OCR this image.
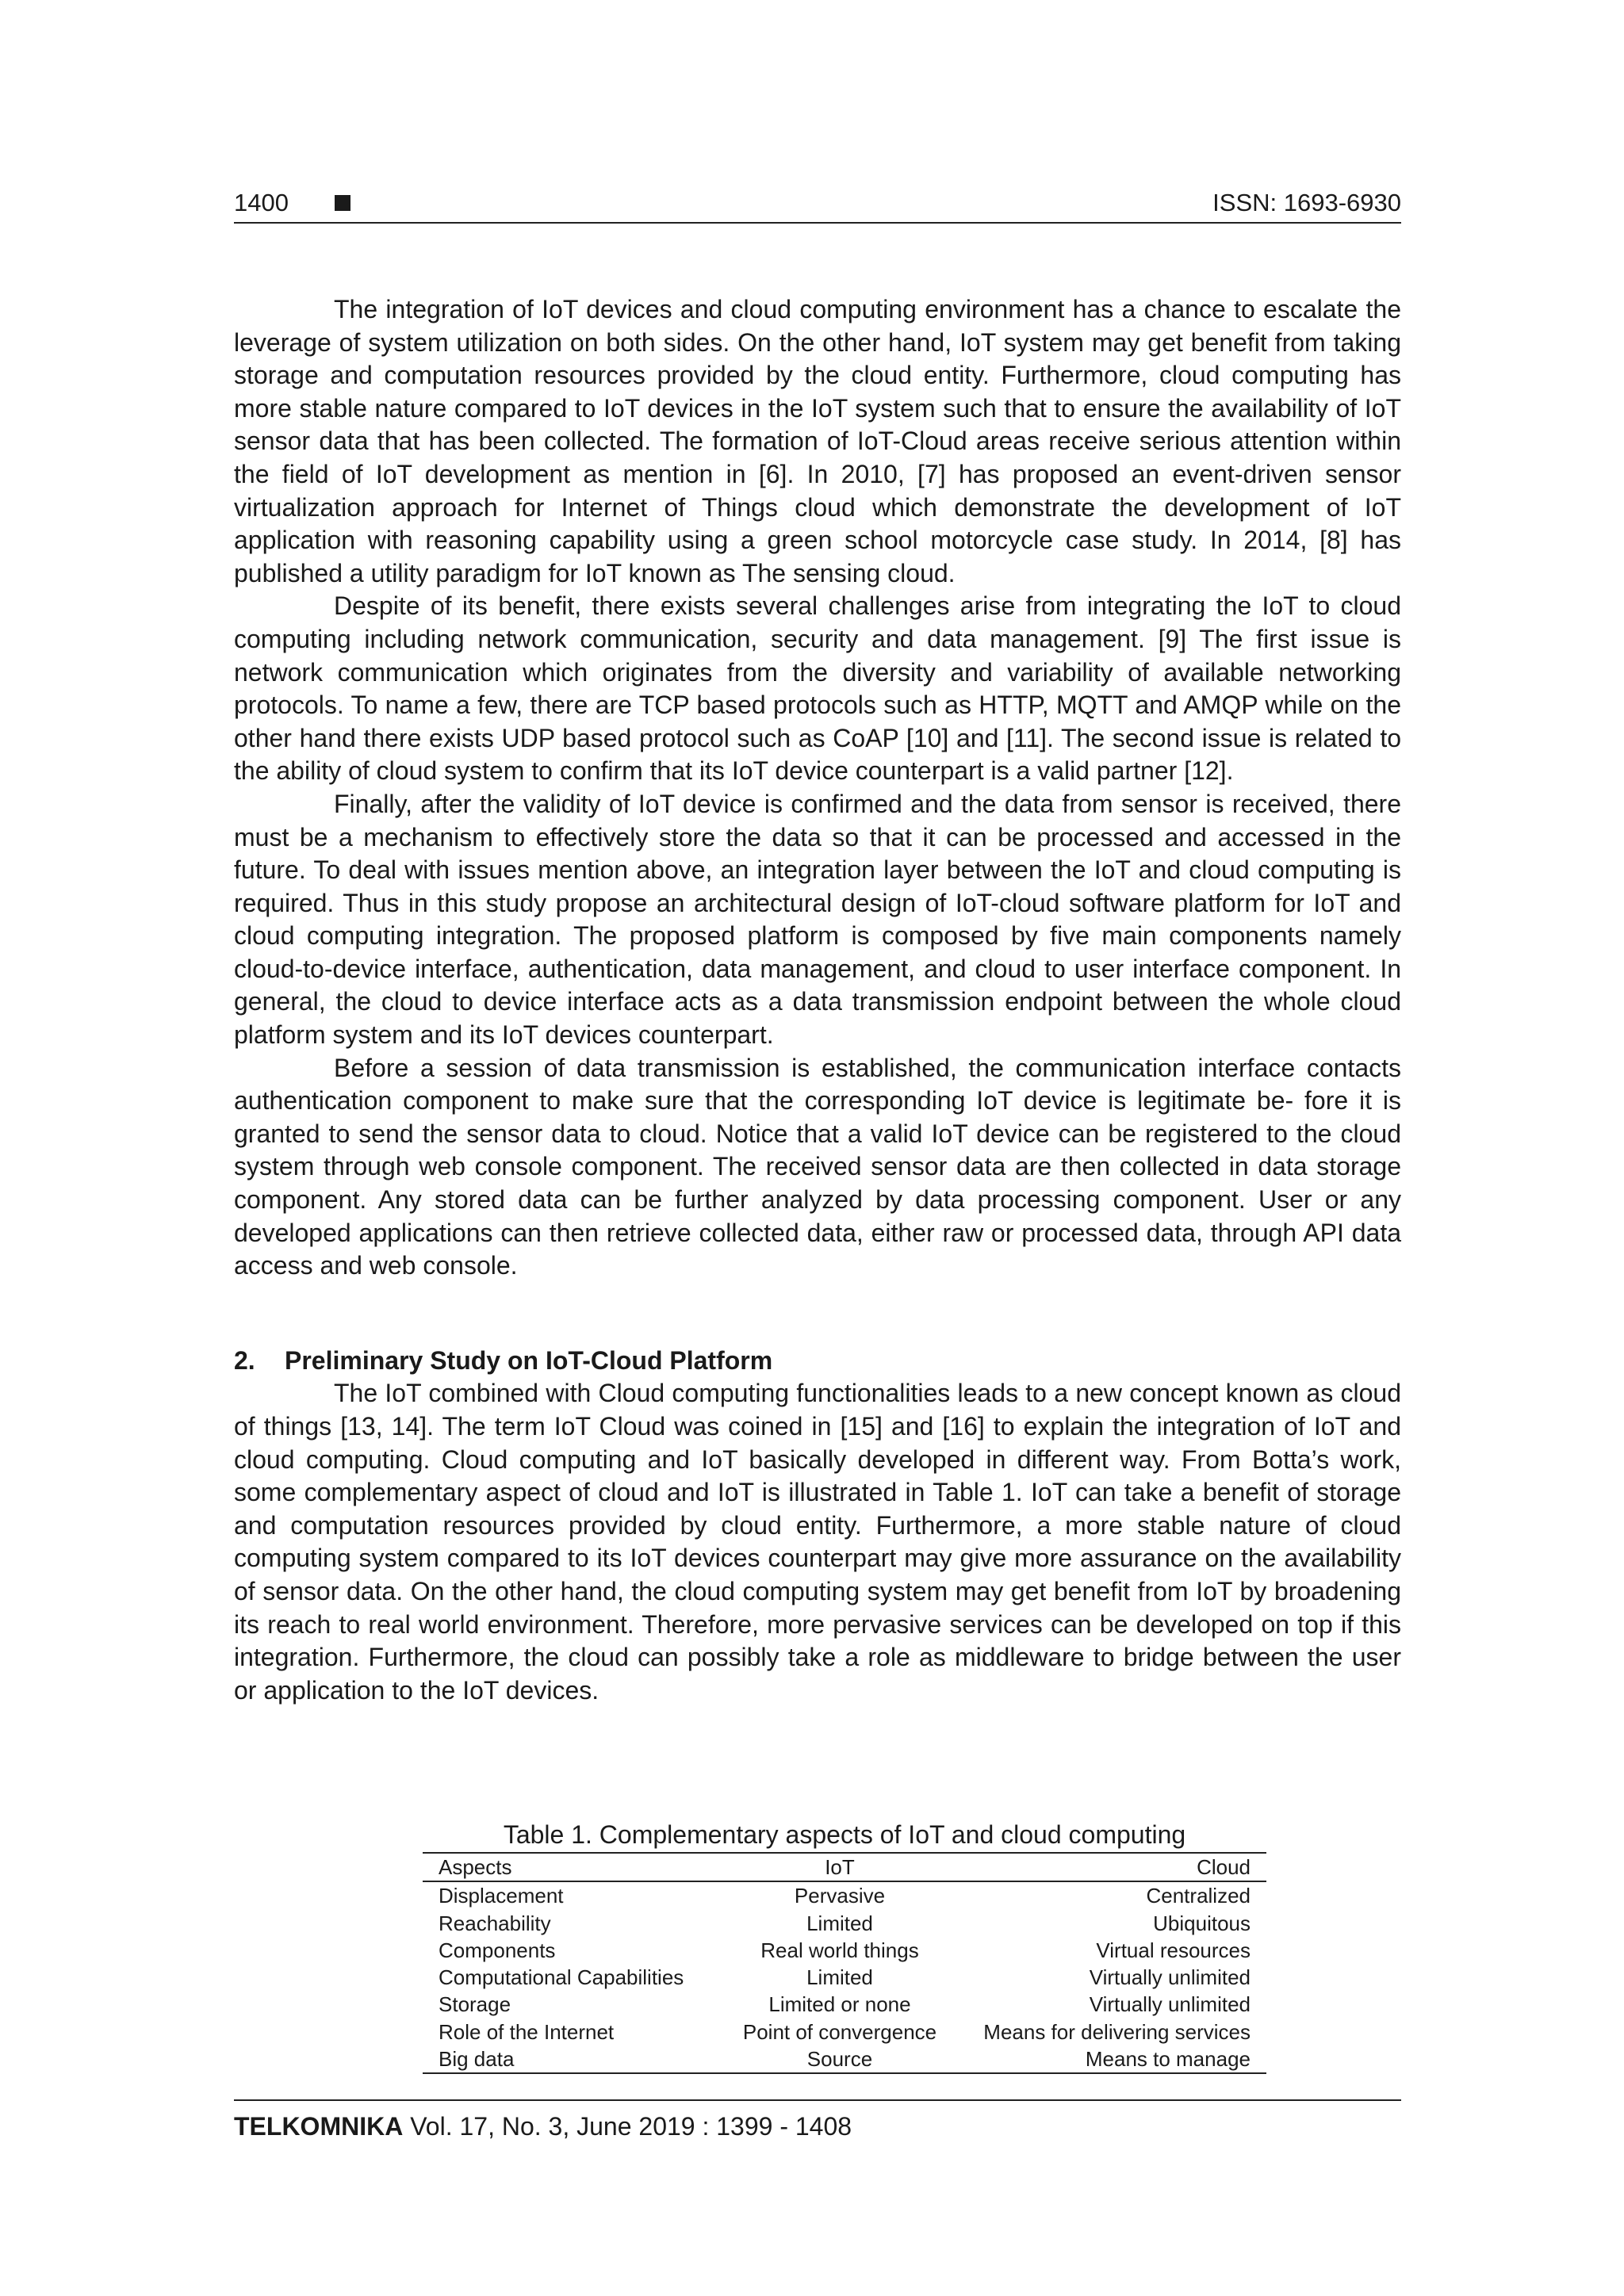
1400	ISSN: 1693-6930

The integration of IoT devices and cloud computing environment has a chance to escalate the leverage of system utilization on both sides. On the other hand, IoT system may get benefit from taking storage and computation resources provided by the cloud entity. Furthermore, cloud computing has more stable nature compared to IoT devices in the IoT system such that to ensure the availability of IoT sensor data that has been collected. The formation of IoT-Cloud areas receive serious attention within the field of IoT development as mention in [6]. In 2010, [7] has proposed an event-driven sensor virtualization approach for Internet of Things cloud which demonstrate the development of IoT application with reasoning capability using a green school motorcycle case study. In 2014, [8] has published a utility paradigm for IoT known as The sensing cloud.

Despite of its benefit, there exists several challenges arise from integrating the IoT to cloud computing including network communication, security and data management. [9] The first issue is network communication which originates from the diversity and variability of available networking protocols. To name a few, there are TCP based protocols such as HTTP, MQTT and AMQP while on the other hand there exists UDP based protocol such as CoAP [10] and [11]. The second issue is related to the ability of cloud system to confirm that its IoT device counterpart is a valid partner [12].

Finally, after the validity of IoT device is confirmed and the data from sensor is received, there must be a mechanism to effectively store the data so that it can be processed and accessed in the future. To deal with issues mention above, an integration layer between the IoT and cloud computing is required. Thus in this study propose an architectural design of IoT-cloud software platform for IoT and cloud computing integration. The proposed platform is composed by five main components namely cloud-to-device interface, authentication, data management, and cloud to user interface component. In general, the cloud to device interface acts as a data transmission endpoint between the whole cloud platform system and its IoT devices counterpart.

Before a session of data transmission is established, the communication interface contacts authentication component to make sure that the corresponding IoT device is legitimate be- fore it is granted to send the sensor data to cloud. Notice that a valid IoT device can be registered to the cloud system through web console component. The received sensor data are then collected in data storage component. Any stored data can be further analyzed by data processing component. User or any developed applications can then retrieve collected data, either raw or processed data, through API data access and web console.

2. Preliminary Study on IoT-Cloud Platform

The IoT combined with Cloud computing functionalities leads to a new concept known as cloud of things [13, 14]. The term IoT Cloud was coined in [15] and [16] to explain the integration of IoT and cloud computing. Cloud computing and IoT basically developed in different way. From Botta’s work, some complementary aspect of cloud and IoT is illustrated in Table 1. IoT can take a benefit of storage and computation resources provided by cloud entity. Furthermore, a more stable nature of cloud computing system compared to its IoT devices counterpart may give more assurance on the availability of sensor data. On the other hand, the cloud computing system may get benefit from IoT by broadening its reach to real world environment. Therefore, more pervasive services can be developed on top if this integration. Furthermore, the cloud can possibly take a role as middleware to bridge between the user or application to the IoT devices.

Table 1. Complementary aspects of IoT and cloud computing
Aspects	IoT	Cloud
Displacement	Pervasive	Centralized
Reachability	Limited	Ubiquitous
Components	Real world things	Virtual resources
Computational Capabilities	Limited	Virtually unlimited
Storage	Limited or none	Virtually unlimited
Role of the Internet	Point of convergence	Means for delivering services
Big data	Source	Means to manage
TELKOMNIKA Vol. 17, No. 3, June 2019 : 1399 - 1408
